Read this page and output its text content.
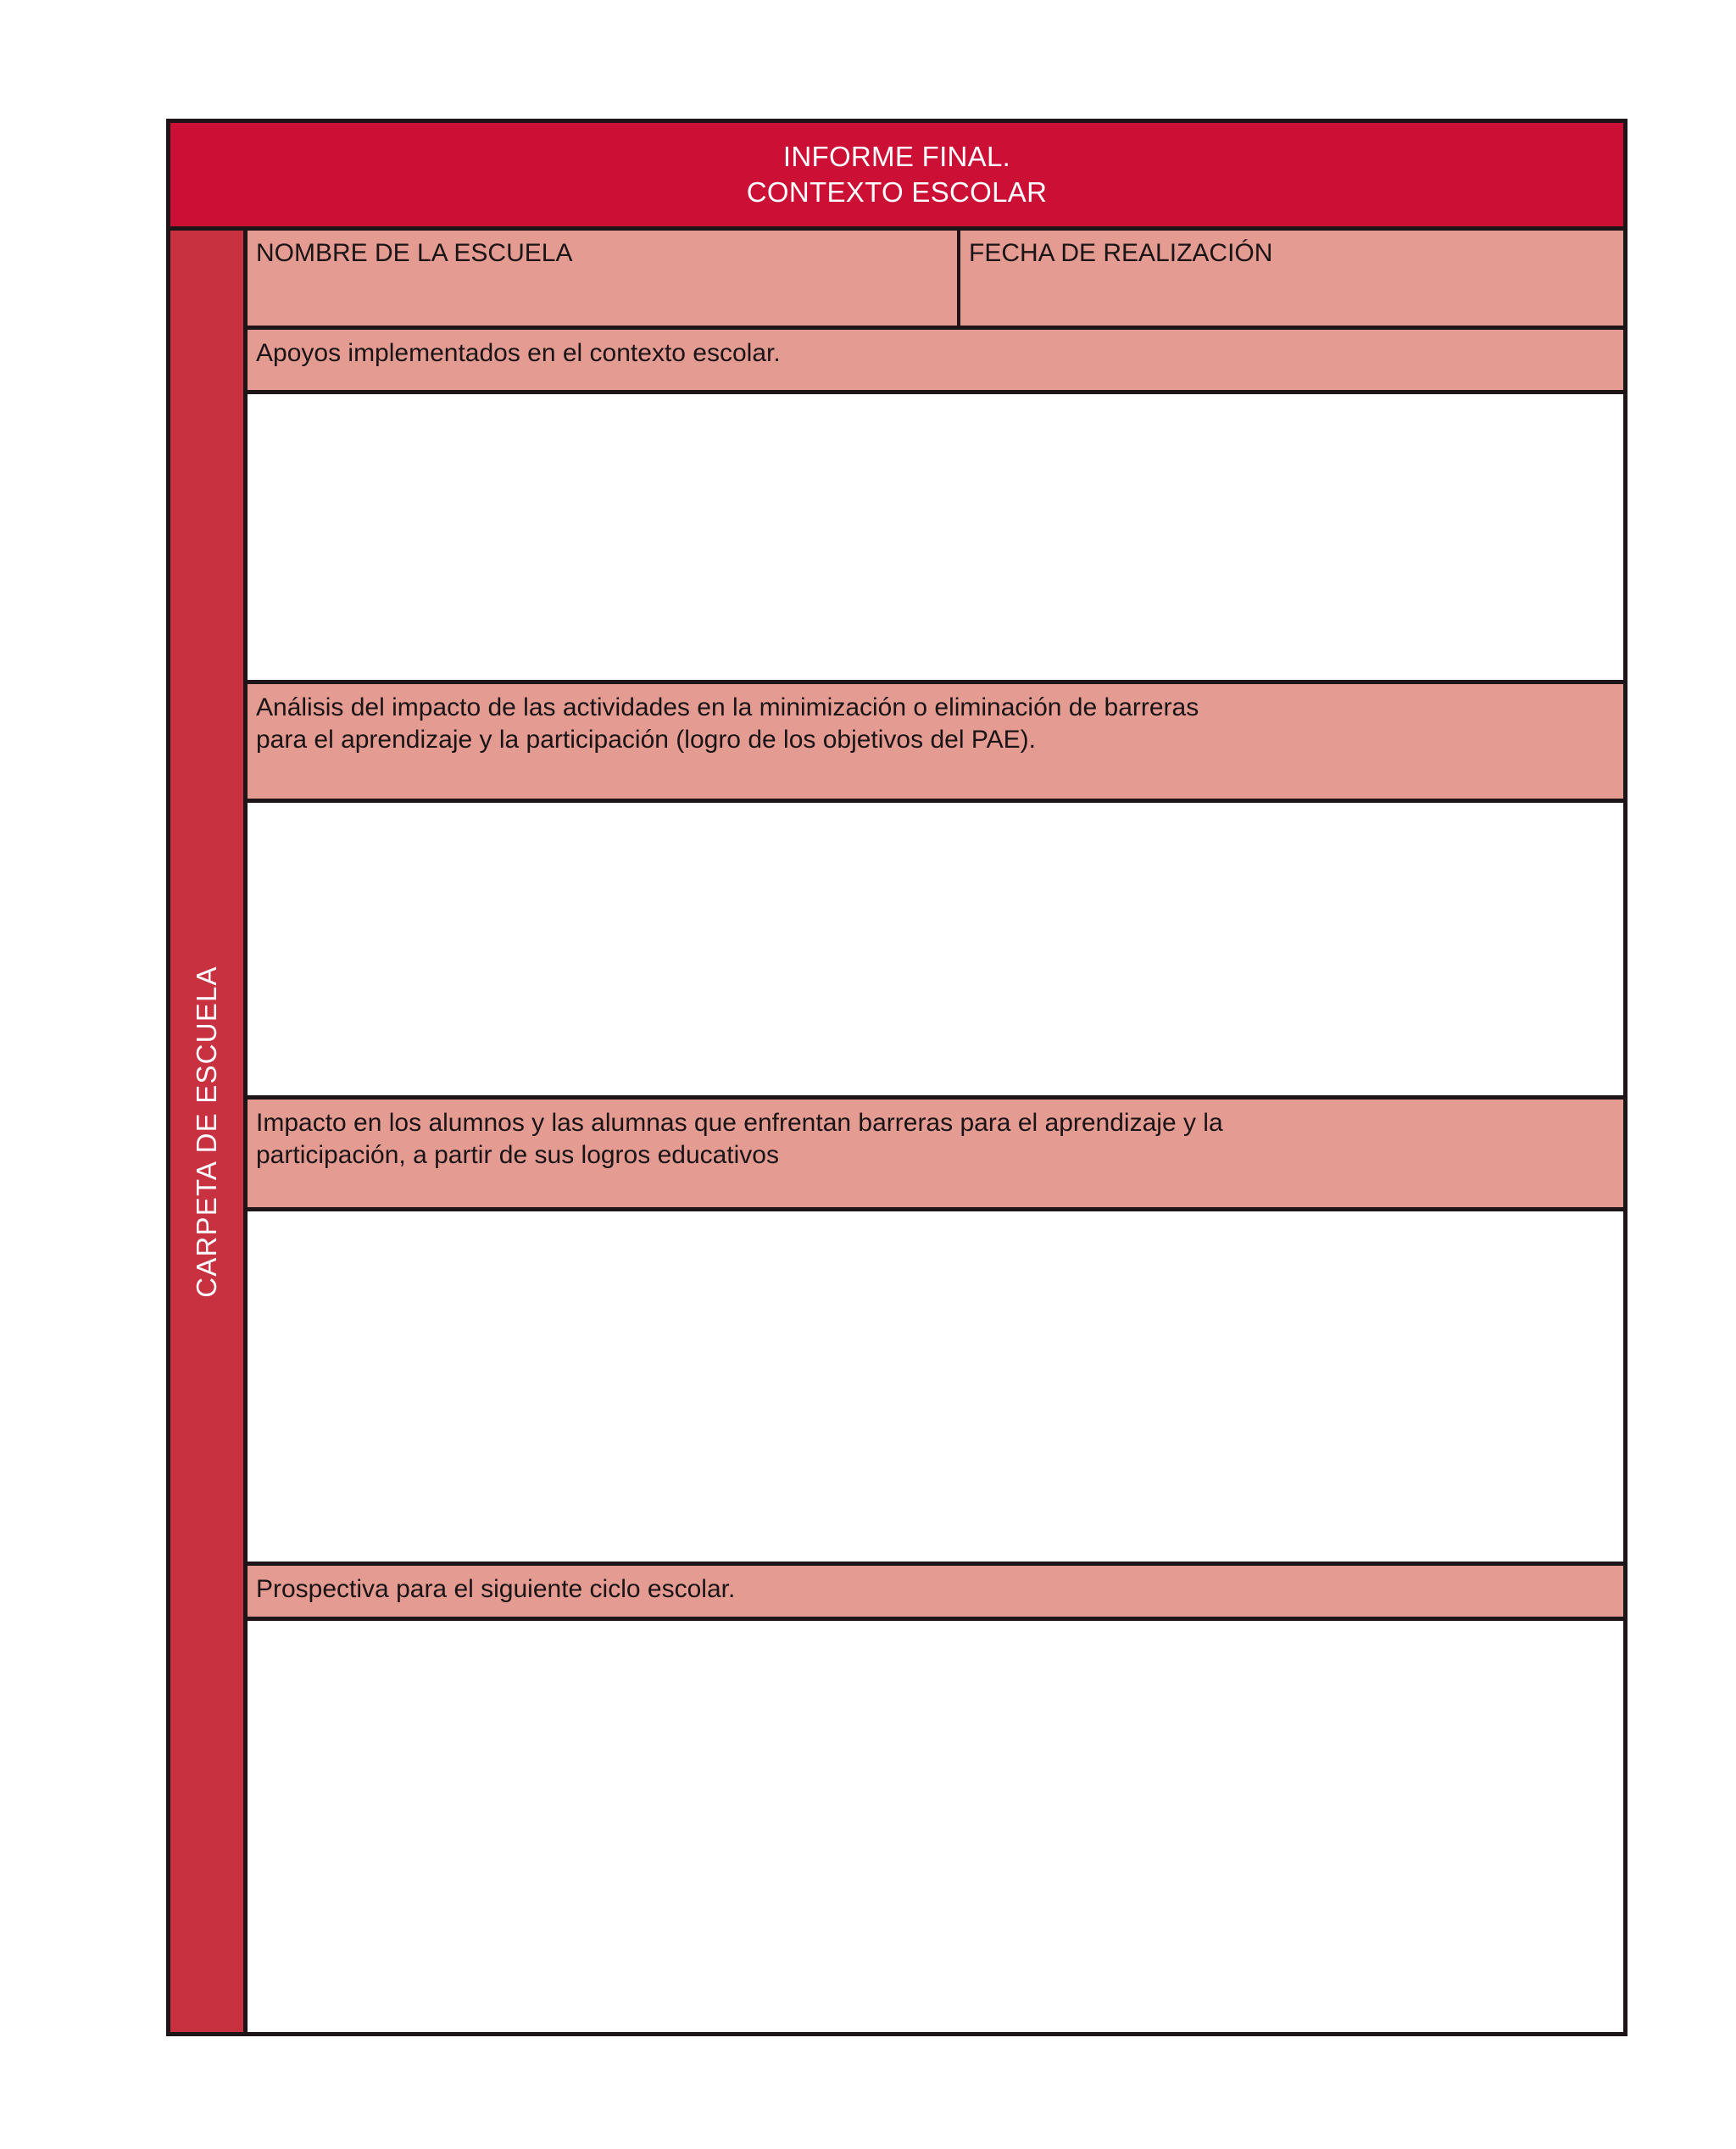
INFORME FINAL.
CONTEXTO ESCOLAR
CARPETA DE ESCUELA
NOMBRE DE LA ESCUELA	FECHA DE REALIZACIÓN
Apoyos implementados en el contexto escolar.
Análisis del impacto de las actividades en la minimización o eliminación de barreras
para el aprendizaje y la participación (logro de los objetivos del PAE).
Impacto en los alumnos y las alumnas que enfrentan barreras para el aprendizaje y la
participación, a partir de sus logros educativos
Prospectiva para el siguiente ciclo escolar.
